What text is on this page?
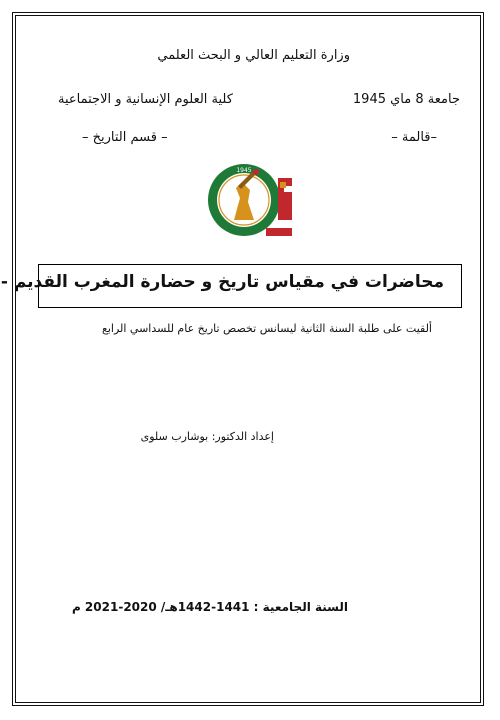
وزارة التعليم العالي و البحث العلمي
جامعة 8 ماي 1945
–قالمة –
كلية العلوم الإنسانية و الاجتماعية
– قسم التاريخ –
1945
محاضرات في مقياس تاريخ و حضارة المغرب القديم -
ألقيت على طلبة السنة الثانية ليسانس تخصص تاريخ عام للسداسي الرابع
إعداد الدكتور: بوشارب سلوى
السنة الجامعية : 1441-1442هـ/ 2020-2021 م
